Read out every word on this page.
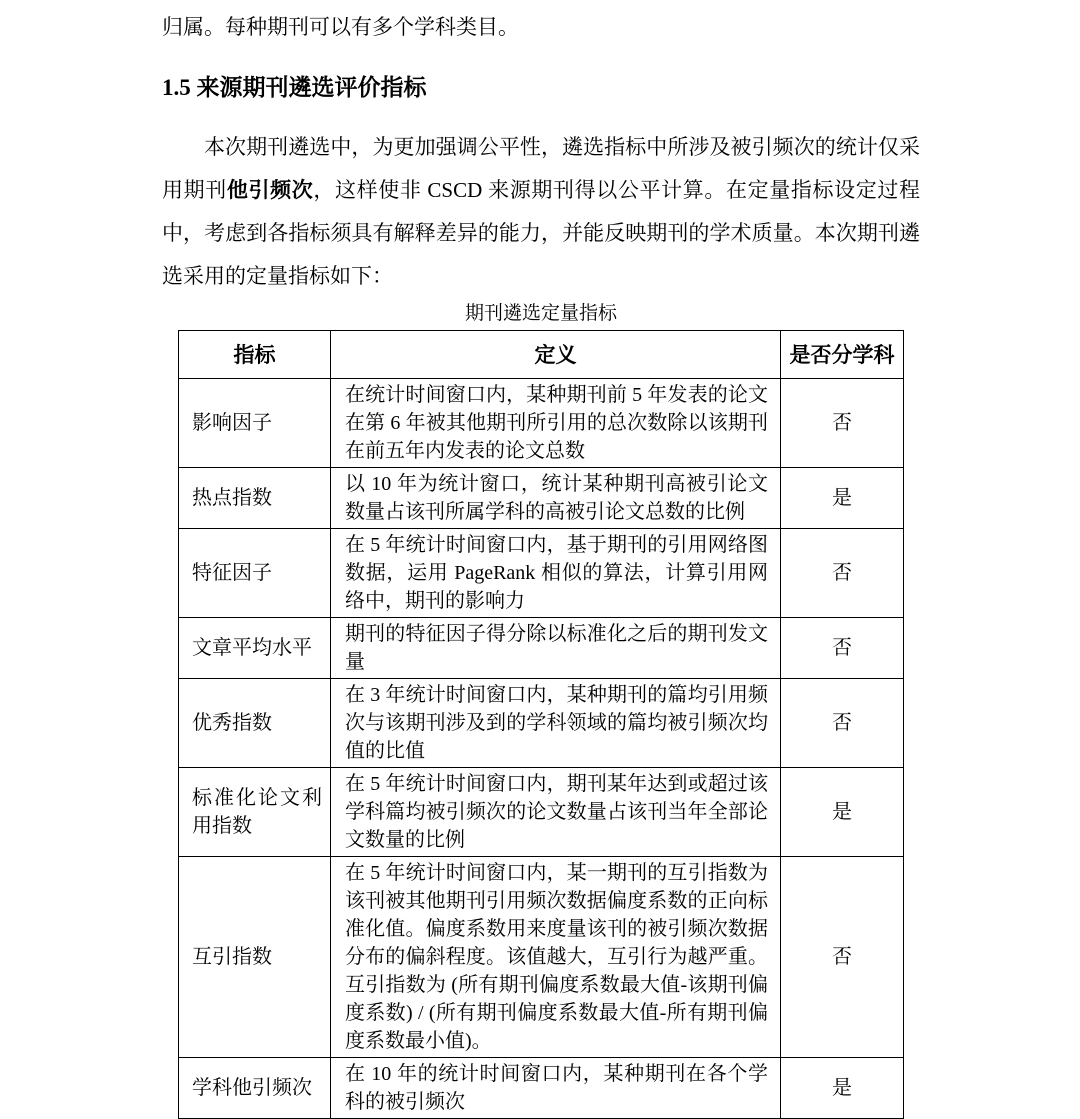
归属。每种期刊可以有多个学科类目。

1.5 来源期刊遴选评价指标

本次期刊遴选中，为更加强调公平性，遴选指标中所涉及被引频次的统计仅采用期刊他引频次，这样使非 CSCD 来源期刊得以公平计算。在定量指标设定过程中，考虑到各指标须具有解释差异的能力，并能反映期刊的学术质量。本次期刊遴选采用的定量指标如下：

期刊遴选定量指标

指标	定义	是否分学科
影响因子	在统计时间窗口内，某种期刊前 5 年发表的论文在第 6 年被其他期刊所引用的总次数除以该期刊在前五年内发表的论文总数	否
热点指数	以 10 年为统计窗口，统计某种期刊高被引论文数量占该刊所属学科的高被引论文总数的比例	是
特征因子	在 5 年统计时间窗口内，基于期刊的引用网络图数据，运用 PageRank 相似的算法，计算引用网络中，期刊的影响力	否
文章平均水平	期刊的特征因子得分除以标准化之后的期刊发文量	否
优秀指数	在 3 年统计时间窗口内，某种期刊的篇均引用频次与该期刊涉及到的学科领域的篇均被引频次均值的比值	否
标准化论文利用指数	在 5 年统计时间窗口内，期刊某年达到或超过该学科篇均被引频次的论文数量占该刊当年全部论文数量的比例	是
互引指数	在 5 年统计时间窗口内，某一期刊的互引指数为该刊被其他期刊引用频次数据偏度系数的正向标准化值。偏度系数用来度量该刊的被引频次数据分布的偏斜程度。该值越大，互引行为越严重。互引指数为 (所有期刊偏度系数最大值-该期刊偏度系数) / (所有期刊偏度系数最大值-所有期刊偏度系数最小值)。	否
学科他引频次	在 10 年的统计时间窗口内，某种期刊在各个学科的被引频次	是
